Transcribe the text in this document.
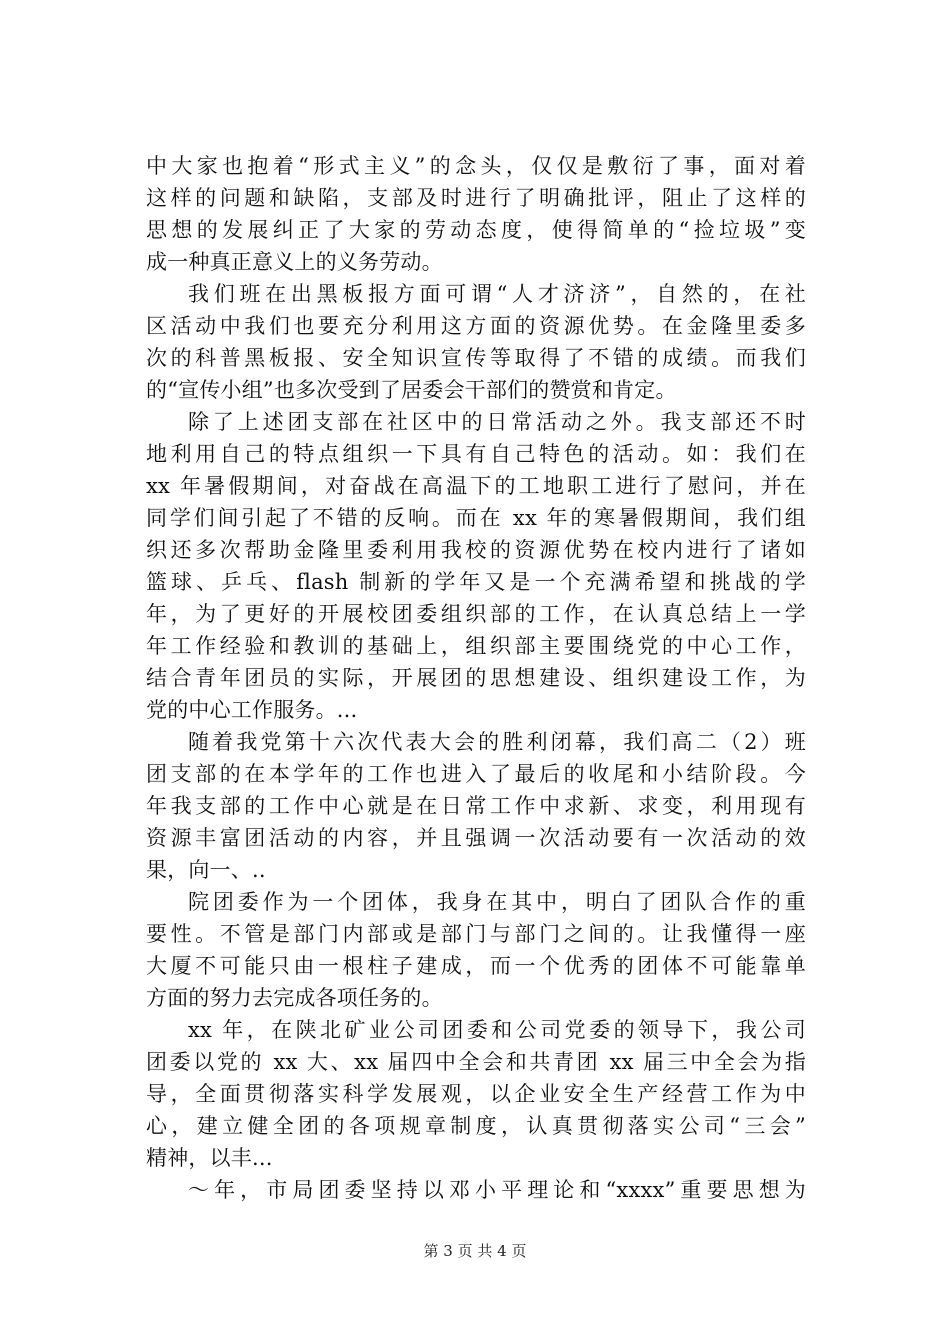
中大家也抱着“形式主义”的念头，仅仅是敷衍了事，面对着
这样的问题和缺陷，支部及时进行了明确批评，阻止了这样的
思想的发展纠正了大家的劳动态度，使得简单的“捡垃圾”变
成一种真正意义上的义务劳动。
我们班在出黑板报方面可谓“人才济济”，自然的，在社
区活动中我们也要充分利用这方面的资源优势。在金隆里委多
次的科普黑板报、安全知识宣传等取得了不错的成绩。而我们
的“宣传小组”也多次受到了居委会干部们的赞赏和肯定。
除了上述团支部在社区中的日常活动之外。我支部还不时
地利用自己的特点组织一下具有自己特色的活动。如：我们在
xx 年暑假期间，对奋战在高温下的工地职工进行了慰问，并在
同学们间引起了不错的反响。而在 xx 年的寒暑假期间，我们组
织还多次帮助金隆里委利用我校的资源优势在校内进行了诸如
篮球、乒乓、flash 制新的学年又是一个充满希望和挑战的学
年，为了更好的开展校团委组织部的工作，在认真总结上一学
年工作经验和教训的基础上，组织部主要围绕党的中心工作，
结合青年团员的实际，开展团的思想建设、组织建设工作，为
党的中心工作服务。...
随着我党第十六次代表大会的胜利闭幕，我们高二（2）班
团支部的在本学年的工作也进入了最后的收尾和小结阶段。今
年我支部的工作中心就是在日常工作中求新、求变，利用现有
资源丰富团活动的内容，并且强调一次活动要有一次活动的效
果，向一、..
院团委作为一个团体，我身在其中，明白了团队合作的重
要性。不管是部门内部或是部门与部门之间的。让我懂得一座
大厦不可能只由一根柱子建成，而一个优秀的团体不可能靠单
方面的努力去完成各项任务的。
xx 年，在陕北矿业公司团委和公司党委的领导下，我公司
团委以党的 xx 大、xx 届四中全会和共青团 xx 届三中全会为指
导，全面贯彻落实科学发展观，以企业安全生产经营工作为中
心，建立健全团的各项规章制度，认真贯彻落实公司“三会”
精神，以丰...
～年，市局团委坚持以邓小平理论和“xxxx”重要思想为
第 3 页 共 4 页
